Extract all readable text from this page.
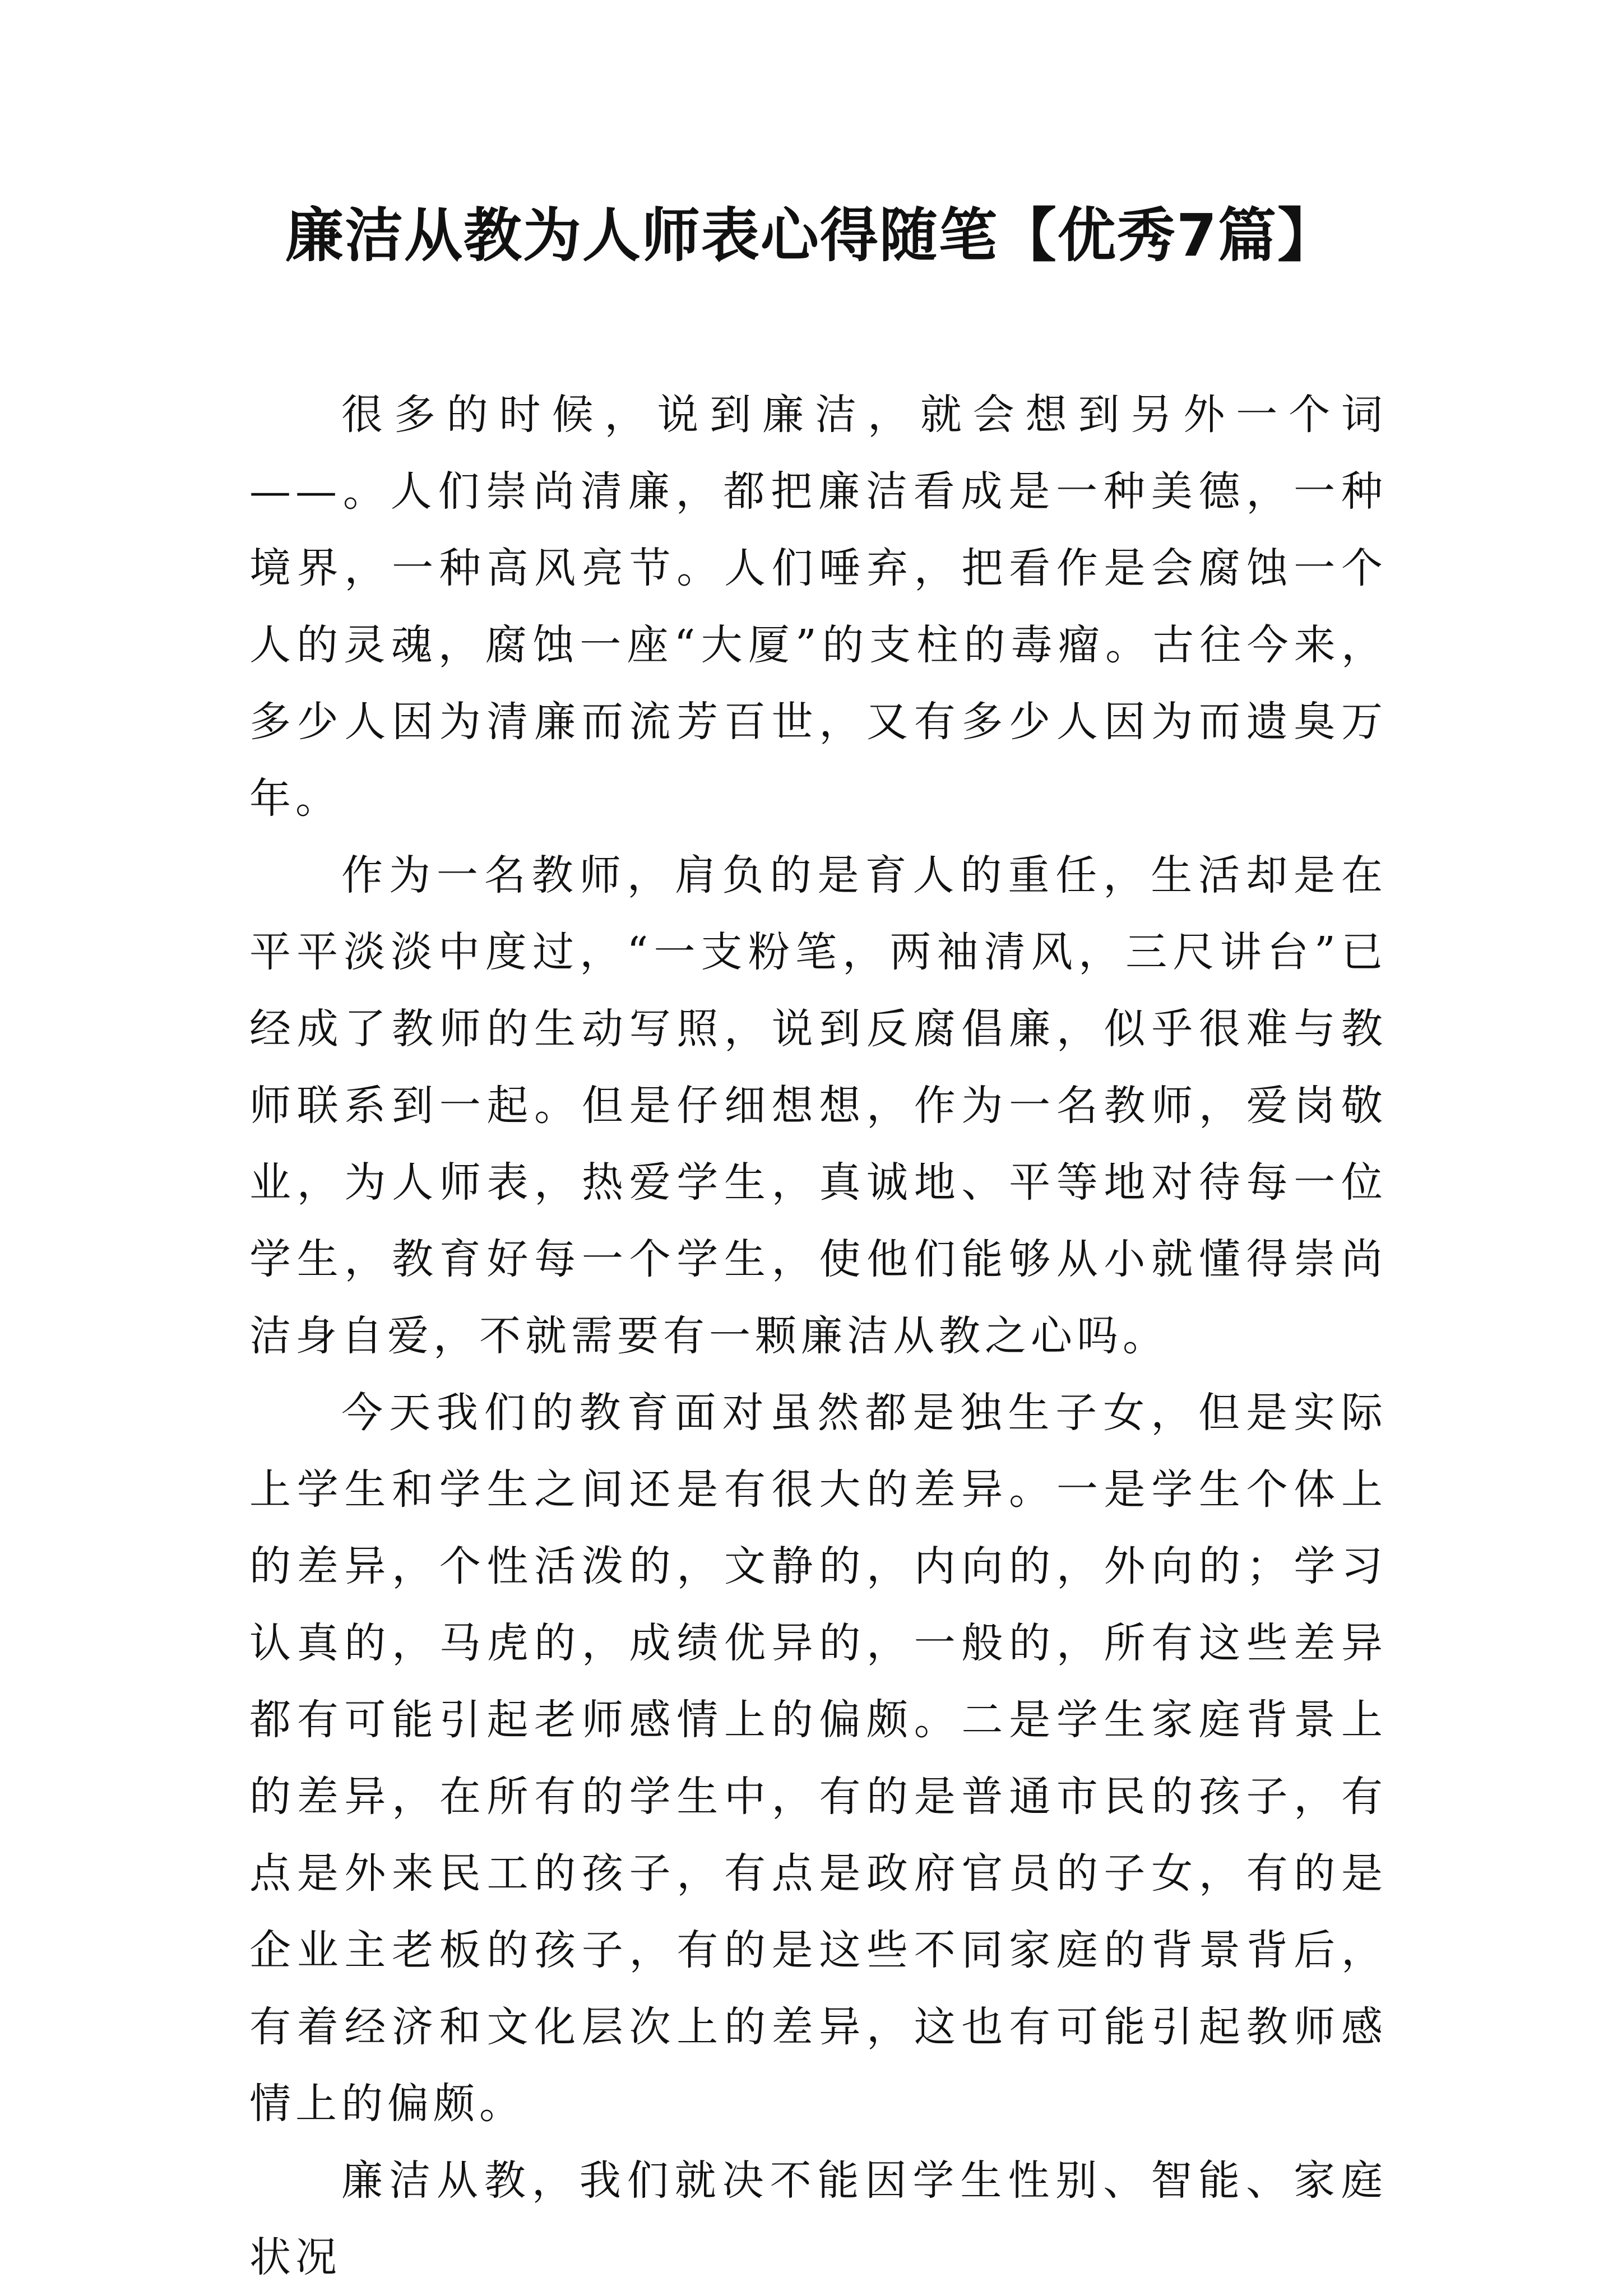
廉洁从教为人师表心得随笔【优秀7篇】

很多的时候，说到廉洁，就会想到另外一个词——。人们崇尚清廉，都把廉洁看成是一种美德，一种境界，一种高风亮节。人们唾弃，把看作是会腐蚀一个人的灵魂，腐蚀一座“大厦”的支柱的毒瘤。古往今来，多少人因为清廉而流芳百世，又有多少人因为而遗臭万年。

作为一名教师，肩负的是育人的重任，生活却是在平平淡淡中度过，“一支粉笔，两袖清风，三尺讲台”已经成了教师的生动写照，说到反腐倡廉，似乎很难与教师联系到一起。但是仔细想想，作为一名教师，爱岗敬业，为人师表，热爱学生，真诚地、平等地对待每一位学生，教育好每一个学生，使他们能够从小就懂得崇尚洁身自爱，不就需要有一颗廉洁从教之心吗。

今天我们的教育面对虽然都是独生子女，但是实际上学生和学生之间还是有很大的差异。一是学生个体上的差异，个性活泼的，文静的，内向的，外向的；学习认真的，马虎的，成绩优异的，一般的，所有这些差异都有可能引起老师感情上的偏颇。二是学生家庭背景上的差异，在所有的学生中，有的是普通市民的孩子，有点是外来民工的孩子，有点是政府官员的子女，有的是企业主老板的孩子，有的是这些不同家庭的背景背后，有着经济和文化层次上的差异，这也有可能引起教师感情上的偏颇。

廉洁从教，我们就决不能因学生性别、智能、家庭状况
